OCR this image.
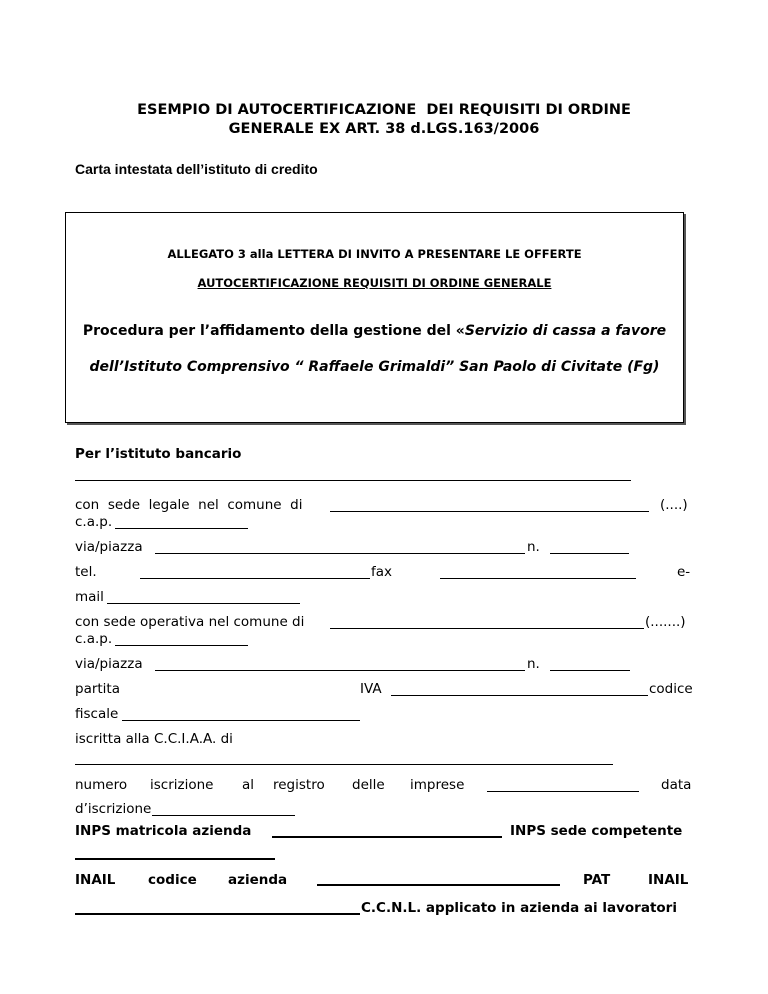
ESEMPIO DI AUTOCERTIFICAZIONE  DEI REQUISITI DI ORDINE
GENERALE EX ART. 38 d.LGS.163/2006
Carta intestata dell’istituto di credito
ALLEGATO 3 alla LETTERA DI INVITO A PRESENTARE LE OFFERTE
AUTOCERTIFICAZIONE REQUISITI DI ORDINE GENERALE
Procedura per l’affidamento della gestione del «Servizio di cassa a favore
dell’Istituto Comprensivo “ Raffaele Grimaldi” San Paolo di Civitate (Fg)
Per l’istituto bancario
con  sede  legale  nel  comune  di	(....)
c.a.p.
via/piazza	n.
tel.	fax	e-
mail
con sede operativa nel comune di	(.......)
c.a.p.
via/piazza	n.
partita	IVA	codice
fiscale
iscritta alla C.C.I.A.A. di
numero iscrizione al registro delle imprese	data
d’iscrizione
INPS matricola azienda	INPS sede competente
INAIL codice azienda	PAT	INAIL
C.C.N.L. applicato in azienda ai lavoratori
